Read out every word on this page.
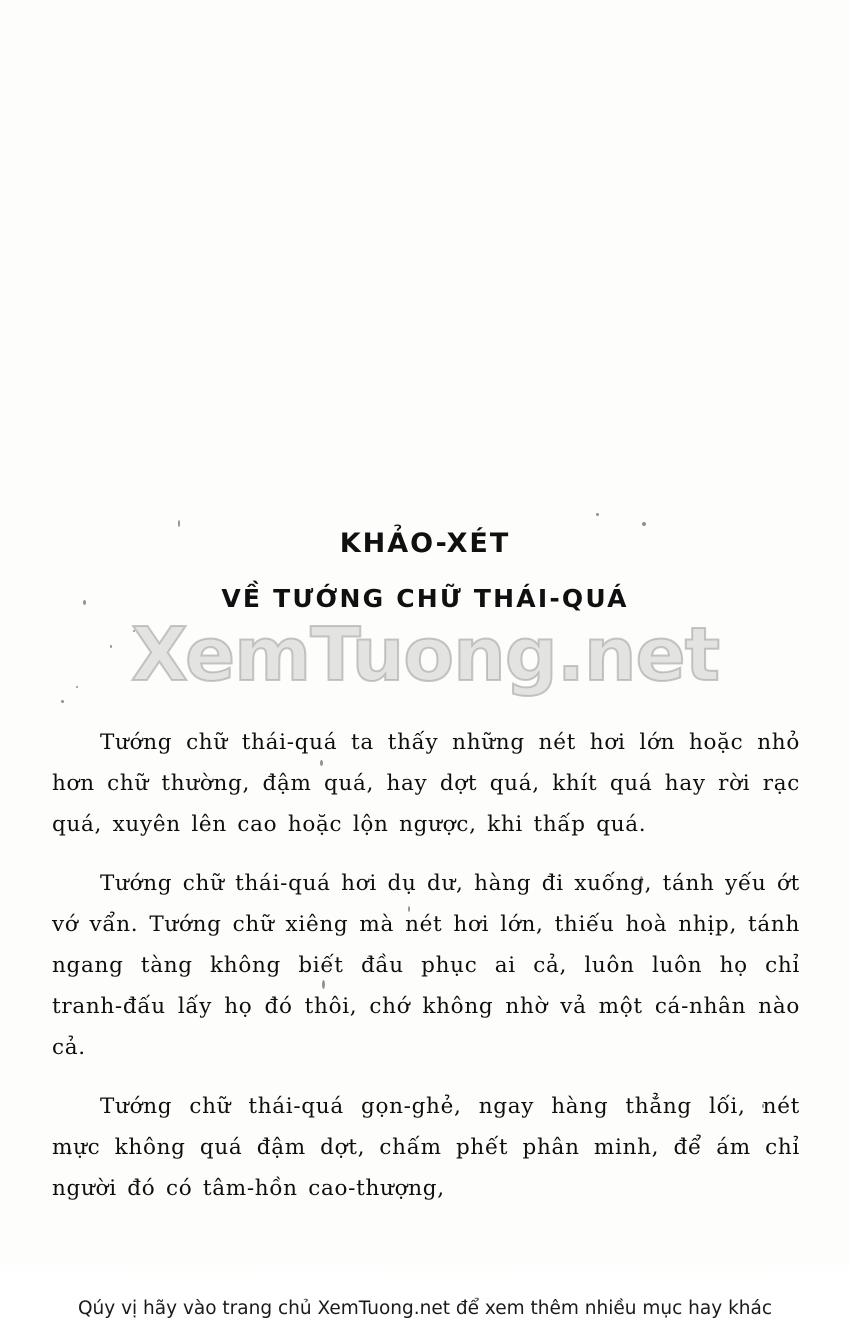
KHẢO-XÉT
VỀ TƯỚNG CHỮ THÁI-QUÁ
XemTuong.net

Tướng chữ thái-quá ta thấy những nét hơi lớn hoặc nhỏ hơn chữ thường, đậm quá, hay dợt quá, khít quá hay rời rạc quá, xuyên lên cao hoặc lộn ngược, khi thấp quá.

Tướng chữ thái-quá hơi dụ dư, hàng đi xuống, tánh yếu ớt vớ vẩn. Tướng chữ xiêng mà nét hơi lớn, thiếu hoà nhịp, tánh ngang tàng không biết đầu phục ai cả, luôn luôn họ chỉ tranh-đấu lấy họ đó thôi, chớ không nhờ vả một cá-nhân nào cả.

Tướng chữ thái-quá gọn-ghẻ, ngay hàng thẳng lối, nét mực không quá đậm dợt, chấm phết phân minh, để ám chỉ người đó có tâm-hồn cao-thượng,

Qúy vị hãy vào trang chủ XemTuong.net để xem thêm nhiều mục hay khác
